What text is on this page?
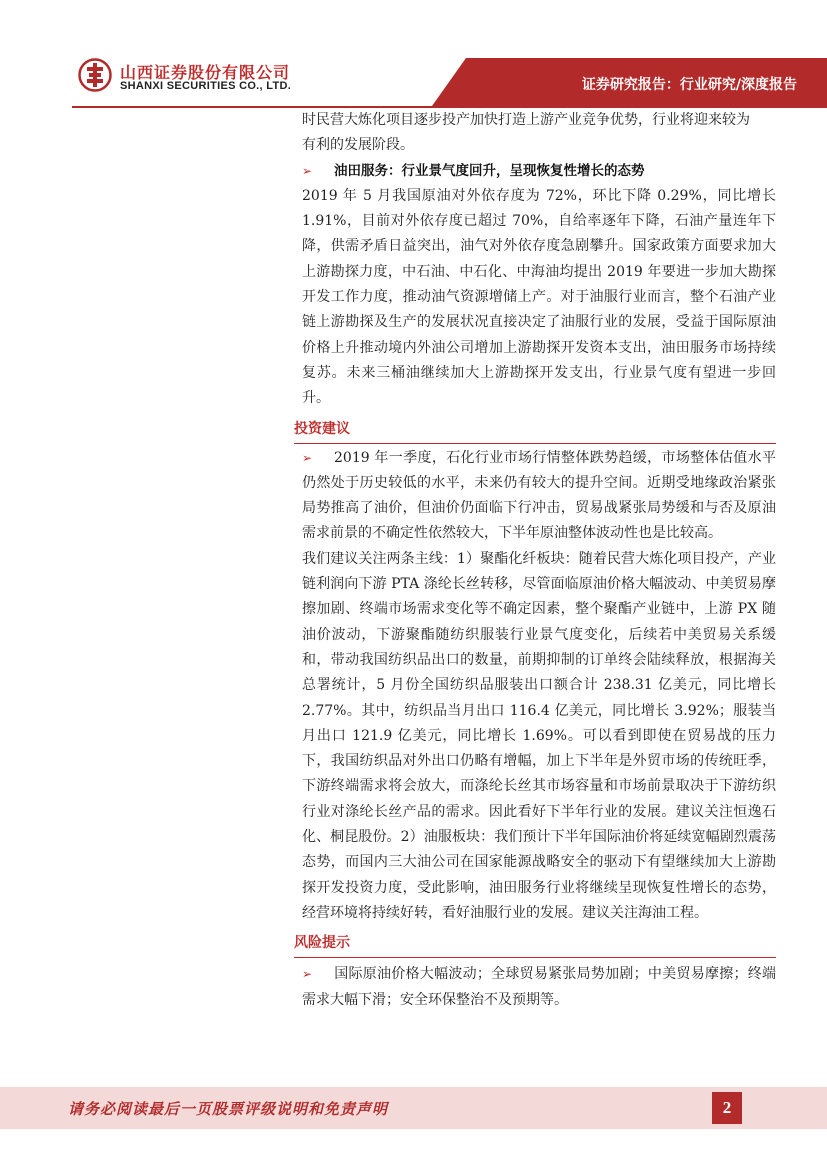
山西证券股份有限公司
SHANXI SECURITIES CO., LTD.	证券研究报告：行业研究/深度报告

时民营大炼化项目逐步投产加快打造上游产业竞争优势，行业将迎来较为

有利的发展阶段。

➢ 油田服务：行业景气度回升，呈现恢复性增长的态势

2019 年 5 月我国原油对外依存度为 72%，环比下降 0.29%，同比增长 1.91%，目前对外依存度已超过 70%，自给率逐年下降，石油产量连年下降，供需矛盾日益突出，油气对外依存度急剧攀升。国家政策方面要求加大上游勘探力度，中石油、中石化、中海油均提出 2019 年要进一步加大勘探开发工作力度，推动油气资源增储上产。对于油服行业而言，整个石油产业链上游勘探及生产的发展状况直接决定了油服行业的发展，受益于国际原油价格上升推动境内外油公司增加上游勘探开发资本支出，油田服务市场持续复苏。未来三桶油继续加大上游勘探开发支出，行业景气度有望进一步回升。

投资建议

➢ 2019 年一季度，石化行业市场行情整体跌势趋缓，市场整体估值水平仍然处于历史较低的水平，未来仍有较大的提升空间。近期受地缘政治紧张局势推高了油价，但油价仍面临下行冲击，贸易战紧张局势缓和与否及原油需求前景的不确定性依然较大，下半年原油整体波动性也是比较高。

我们建议关注两条主线：1）聚酯化纤板块：随着民营大炼化项目投产，产业链利润向下游 PTA 涤纶长丝转移，尽管面临原油价格大幅波动、中美贸易摩擦加剧、终端市场需求变化等不确定因素，整个聚酯产业链中，上游 PX 随油价波动，下游聚酯随纺织服装行业景气度变化，后续若中美贸易关系缓和，带动我国纺织品出口的数量，前期抑制的订单终会陆续释放，根据海关总署统计，5 月份全国纺织品服装出口额合计 238.31 亿美元，同比增长 2.77%。其中，纺织品当月出口 116.4 亿美元，同比增长 3.92%；服装当月出口 121.9 亿美元，同比增长 1.69%。可以看到即使在贸易战的压力下，我国纺织品对外出口仍略有增幅，加上下半年是外贸市场的传统旺季，下游终端需求将会放大，而涤纶长丝其市场容量和市场前景取决于下游纺织行业对涤纶长丝产品的需求。因此看好下半年行业的发展。建议关注恒逸石化、桐昆股份。2）油服板块：我们预计下半年国际油价将延续宽幅剧烈震荡态势，而国内三大油公司在国家能源战略安全的驱动下有望继续加大上游勘探开发投资力度，受此影响，油田服务行业将继续呈现恢复性增长的态势，经营环境将持续好转，看好油服行业的发展。建议关注海油工程。

风险提示

➢ 国际原油价格大幅波动；全球贸易紧张局势加剧；中美贸易摩擦；终端需求大幅下滑；安全环保整治不及预期等。

请务必阅读最后一页股票评级说明和免责声明	2
